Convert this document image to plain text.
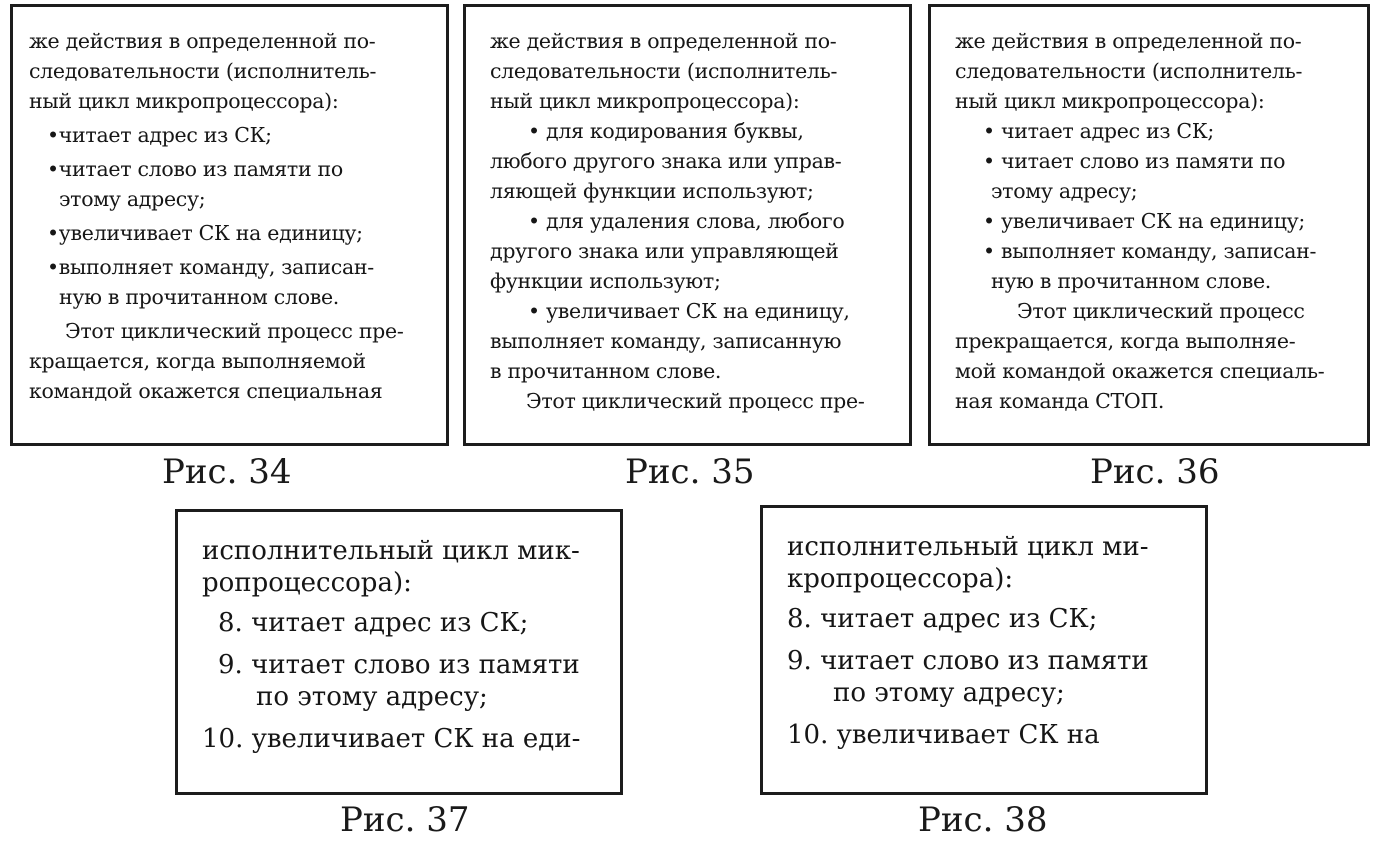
же действия в определенной по-

следовательности (исполнитель-

ный цикл микропроцессора):

•читает адрес из СК;

•читает слово из памяти по

этому адресу;

•увеличивает СК на единицу;

•выполняет команду, записан-

ную в прочитанном слове.

Этот циклический процесс пре-

кращается, когда выполняемой

командой окажется специальная

Рис. 34

же действия в определенной по-

следовательности (исполнитель-

ный цикл микропроцессора):

• для кодирования буквы,

любого другого знака или управ-

ляющей функции используют;

• для удаления слова, любого

другого знака или управляющей

функции используют;

• увеличивает СК на единицу,

выполняет команду, записанную

в прочитанном слове.

Этот циклический процесс пре-

Рис. 35

же действия в определенной по-

следовательности (исполнитель-

ный цикл микропроцессора):

• читает адрес из СК;

• читает слово из памяти по

этому адресу;

• увеличивает СК на единицу;

• выполняет команду, записан-

ную в прочитанном слове.

Этот циклический процесс

прекращается, когда выполняе-

мой командой окажется специаль-

ная команда СТОП.

Рис. 36

исполнительный цикл мик-

ропроцессора):

8. читает адрес из СК;

9. читает слово из памяти

по этому адресу;

10. увеличивает СК на еди-

Рис. 37

исполнительный цикл ми-

кропроцессора):

8. читает адрес из СК;

9. читает слово из памяти

по этому адресу;

10. увеличивает СК на

Рис. 38
